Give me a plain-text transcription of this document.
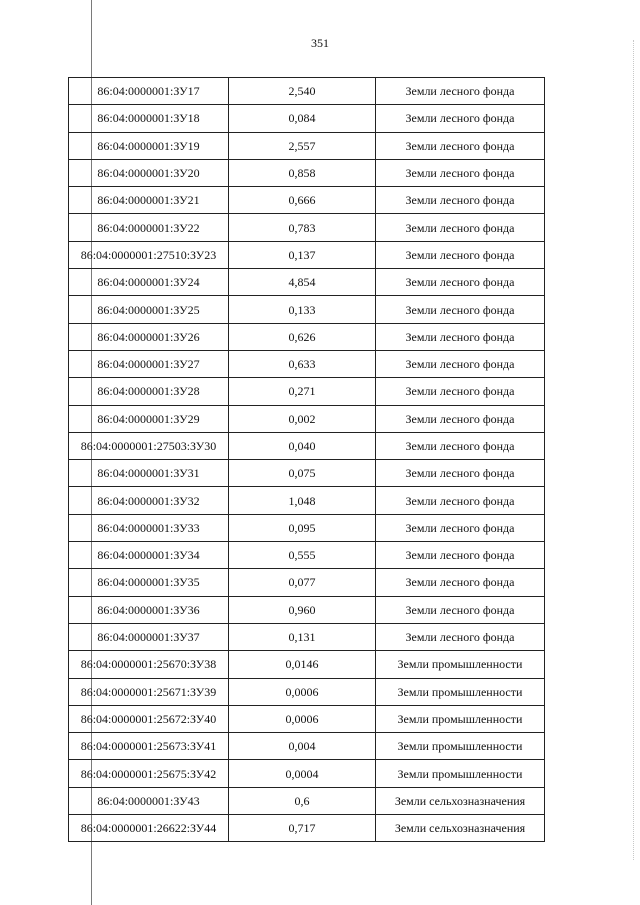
351
86:04:0000001:ЗУ17	2,540	Земли лесного фонда
86:04:0000001:ЗУ18	0,084	Земли лесного фонда
86:04:0000001:ЗУ19	2,557	Земли лесного фонда
86:04:0000001:ЗУ20	0,858	Земли лесного фонда
86:04:0000001:ЗУ21	0,666	Земли лесного фонда
86:04:0000001:ЗУ22	0,783	Земли лесного фонда
86:04:0000001:27510:ЗУ23	0,137	Земли лесного фонда
86:04:0000001:ЗУ24	4,854	Земли лесного фонда
86:04:0000001:ЗУ25	0,133	Земли лесного фонда
86:04:0000001:ЗУ26	0,626	Земли лесного фонда
86:04:0000001:ЗУ27	0,633	Земли лесного фонда
86:04:0000001:ЗУ28	0,271	Земли лесного фонда
86:04:0000001:ЗУ29	0,002	Земли лесного фонда
86:04:0000001:27503:ЗУ30	0,040	Земли лесного фонда
86:04:0000001:ЗУ31	0,075	Земли лесного фонда
86:04:0000001:ЗУ32	1,048	Земли лесного фонда
86:04:0000001:ЗУ33	0,095	Земли лесного фонда
86:04:0000001:ЗУ34	0,555	Земли лесного фонда
86:04:0000001:ЗУ35	0,077	Земли лесного фонда
86:04:0000001:ЗУ36	0,960	Земли лесного фонда
86:04:0000001:ЗУ37	0,131	Земли лесного фонда
86:04:0000001:25670:ЗУ38	0,0146	Земли промышленности
86:04:0000001:25671:ЗУ39	0,0006	Земли промышленности
86:04:0000001:25672:ЗУ40	0,0006	Земли промышленности
86:04:0000001:25673:ЗУ41	0,004	Земли промышленности
86:04:0000001:25675:ЗУ42	0,0004	Земли промышленности
86:04:0000001:ЗУ43	0,6	Земли сельхозназначения
86:04:0000001:26622:ЗУ44	0,717	Земли сельхозназначения
